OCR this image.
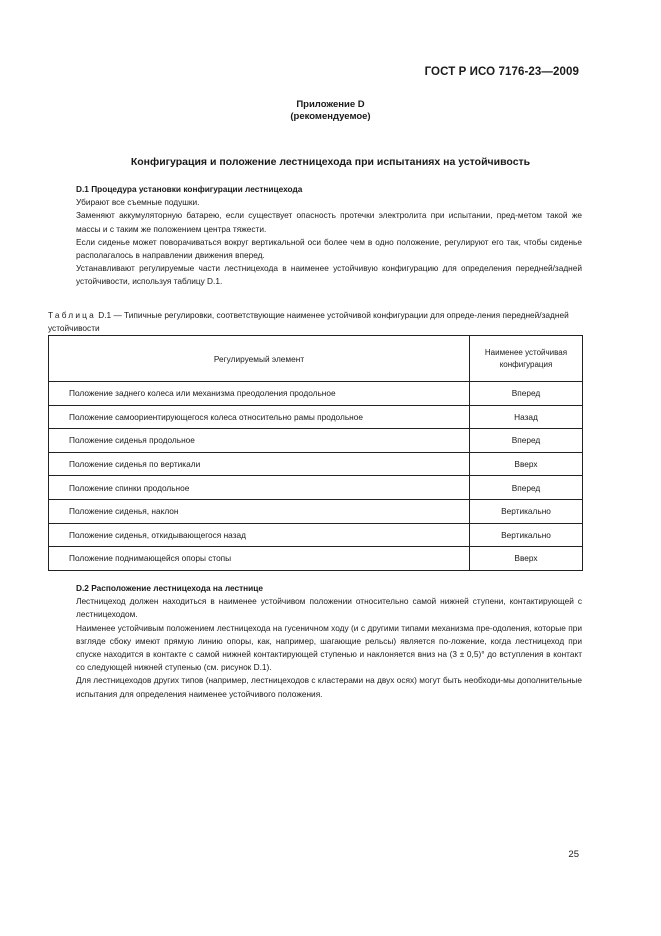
ГОСТ Р ИСО 7176-23—2009
Приложение D
(рекомендуемое)
Конфигурация и положение лестницехода при испытаниях на устойчивость

D.1 Процедура установки конфигурации лестницехода

Убирают все съемные подушки.

Заменяют аккумуляторную батарею, если существует опасность протечки электролита при испытании, пред-метом такой же массы и с таким же положением центра тяжести.

Если сиденье может поворачиваться вокруг вертикальной оси более чем в одно положение, регулируют его так, чтобы сиденье располагалось в направлении движения вперед.

Устанавливают регулируемые части лестницехода в наименее устойчивую конфигурацию для определения передней/задней устойчивости, используя таблицу D.1.

Таблица D.1 — Типичные регулировки, соответствующие наименее устойчивой конфигурации для опреде-ления передней/задней устойчивости
Регулируемый элемент	Наименее устойчивая конфигурация
Положение заднего колеса или механизма преодоления продольное	Вперед
Положение самоориентирующегося колеса относительно рамы продольное	Назад
Положение сиденья продольное	Вперед
Положение сиденья по вертикали	Вверх
Положение спинки продольное	Вперед
Положение сиденья, наклон	Вертикально
Положение сиденья, откидывающегося назад	Вертикально
Положение поднимающейся опоры стопы	Вверх

D.2 Расположение лестницехода на лестнице

Лестницеход должен находиться в наименее устойчивом положении относительно самой нижней ступени, контактирующей с лестницеходом.

Наименее устойчивым положением лестницехода на гусеничном ходу (и с другими типами механизма пре-одоления, которые при взгляде сбоку имеют прямую линию опоры, как, например, шагающие рельсы) является по-ложение, когда лестницеход при спуске находится в контакте с самой нижней контактирующей ступенью и наклоняется вниз на (3 ± 0,5)° до вступления в контакт со следующей нижней ступенью (см. рисунок D.1).

Для лестницеходов других типов (например, лестницеходов с кластерами на двух осях) могут быть необходи-мы дополнительные испытания для определения наименее устойчивого положения.

25
